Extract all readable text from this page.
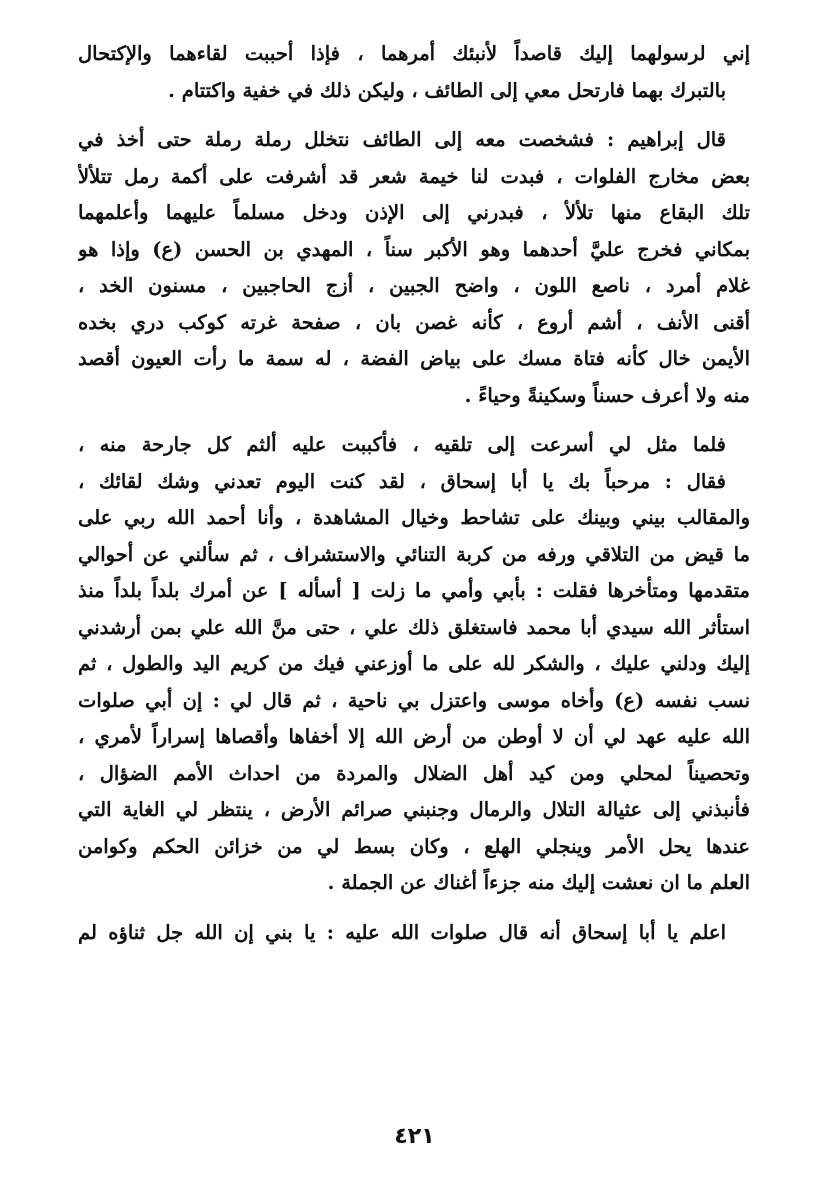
إني لرسولهما إليك قاصداً لأنبئك أمرهما ، فإذا أحببت لقاءهما والإكتحال
بالتبرك بهما فارتحل معي إلى الطائف ، وليكن ذلك في خفية واكتتام .
قال إبراهيم : فشخصت معه إلى الطائف نتخلل رملة رملة حتى أخذ في
بعض مخارج الفلوات ، فبدت لنا خيمة شعر قد أشرفت على أكمة رمل تتلألأ
تلك البقاع منها تلألأ ، فبدرني إلى الإذن ودخل مسلماً عليهما وأعلمهما
بمكاني فخرج عليَّ أحدهما وهو الأكبر سناً ، المهدي بن الحسن (ع) وإذا هو
غلام أمرد ، ناصع اللون ، واضح الجبين ، أزج الحاجبين ، مسنون الخد ،
أقنى الأنف ، أشم أروع ، كأنه غصن بان ، صفحة غرته كوكب دري بخده
الأيمن خال كأنه فتاة مسك على بياض الفضة ، له سمة ما رأت العيون أقصد
منه ولا أعرف حسناً وسكينةً وحياءً .
فلما مثل لي أسرعت إلى تلقيه ، فأكببت عليه ألثم كل جارحة منه ،
فقال : مرحباً بك يا أبا إسحاق ، لقد كنت اليوم تعدني وشك لقائك ،
والمقالب بيني وبينك على تشاحط وخيال المشاهدة ، وأنا أحمد الله ربي على
ما قيض من التلاقي ورفه من كربة التنائي والاستشراف ، ثم سألني عن أحوالي
متقدمها ومتأخرها فقلت : بأبي وأمي ما زلت [ أسأله ] عن أمرك بلداً بلداً منذ
استأثر الله سيدي أبا محمد فاستغلق ذلك علي ، حتى منَّ الله علي بمن أرشدني
إليك ودلني عليك ، والشكر لله على ما أوزعني فيك من كريم اليد والطول ، ثم
نسب نفسه (ع) وأخاه موسى واعتزل بي ناحية ، ثم قال لي : إن أبي صلوات
الله عليه عهد لي أن لا أوطن من أرض الله إلا أخفاها وأقصاها إسراراً لأمري ،
وتحصيناً لمحلي ومن كيد أهل الضلال والمردة من احداث الأمم الضؤال ،
فأنبذني إلى عثيالة التلال والرمال وجنبني صرائم الأرض ، ينتظر لي الغاية التي
عندها يحل الأمر وينجلي الهلع ، وكان بسط لي من خزائن الحكم وكوامن
العلم ما ان نعشت إليك منه جزءاً أغناك عن الجملة .
اعلم يا أبا إسحاق أنه قال صلوات الله عليه : يا بني إن الله جل ثناؤه لم
٤٢١
